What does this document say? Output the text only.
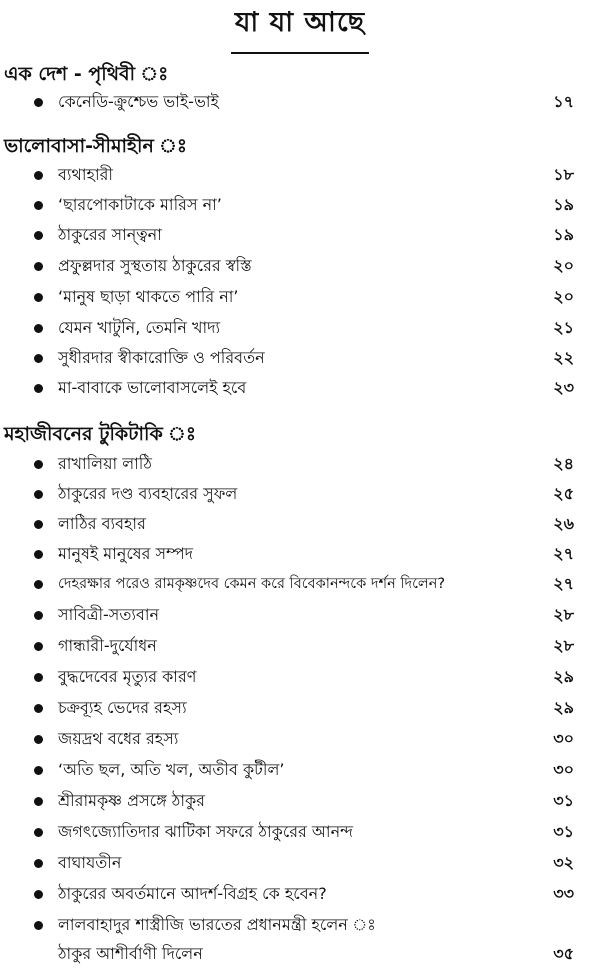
যা যা আছে
এক দেশ - পৃথিবী ঃ
কেনেডি-ক্রুশ্চেভ ভাই-ভাই	১৭
ভালোবাসা-সীমাহীন ঃ
ব্যথাহারী	১৮
‘ছারপোকাটাকে মারিস না’	১৯
ঠাকুরের সান্ত্বনা	১৯
প্রফুল্লদার সুস্থতায় ঠাকুরের স্বস্তি	২০
‘মানুষ ছাড়া থাকতে পারি না’	২০
যেমন খাটুনি, তেমনি খাদ্য	২১
সুধীরদার স্বীকারোক্তি ও পরিবর্তন	২২
মা-বাবাকে ভালোবাসলেই হবে	২৩
মহাজীবনের টুকিটাকি ঃ
রাখালিয়া লাঠি	২৪
ঠাকুরের দণ্ড ব্যবহারের সুফল	২৫
লাঠির ব্যবহার	২৬
মানুষই মানুষের সম্পদ	২৭
দেহরক্ষার পরেও রামকৃষ্ণদেব কেমন করে বিবেকানন্দকে দর্শন দিলেন?	২৭
সাবিত্রী-সত্যবান	২৮
গান্ধারী-দুর্যোধন	২৮
বুদ্ধদেবের মৃত্যুর কারণ	২৯
চক্রব্যূহ ভেদের রহস্য	২৯
জয়দ্রথ বধের রহস্য	৩০
‘অতি ছল, অতি খল, অতীব কুটীল’	৩০
শ্রীরামকৃষ্ণ প্রসঙ্গে ঠাকুর	৩১
জগৎজ্যোতিদার ঝাটিকা সফরে ঠাকুরের আনন্দ	৩১
বাঘাযতীন	৩২
ঠাকুরের অবর্তমানে আদর্শ-বিগ্রহ কে হবেন?	৩৩
লালবাহাদুর শাস্ত্রীজি ভারতের প্রধানমন্ত্রী হলেন ঃ
ঠাকুর আশীর্বাণী দিলেন	৩৫
